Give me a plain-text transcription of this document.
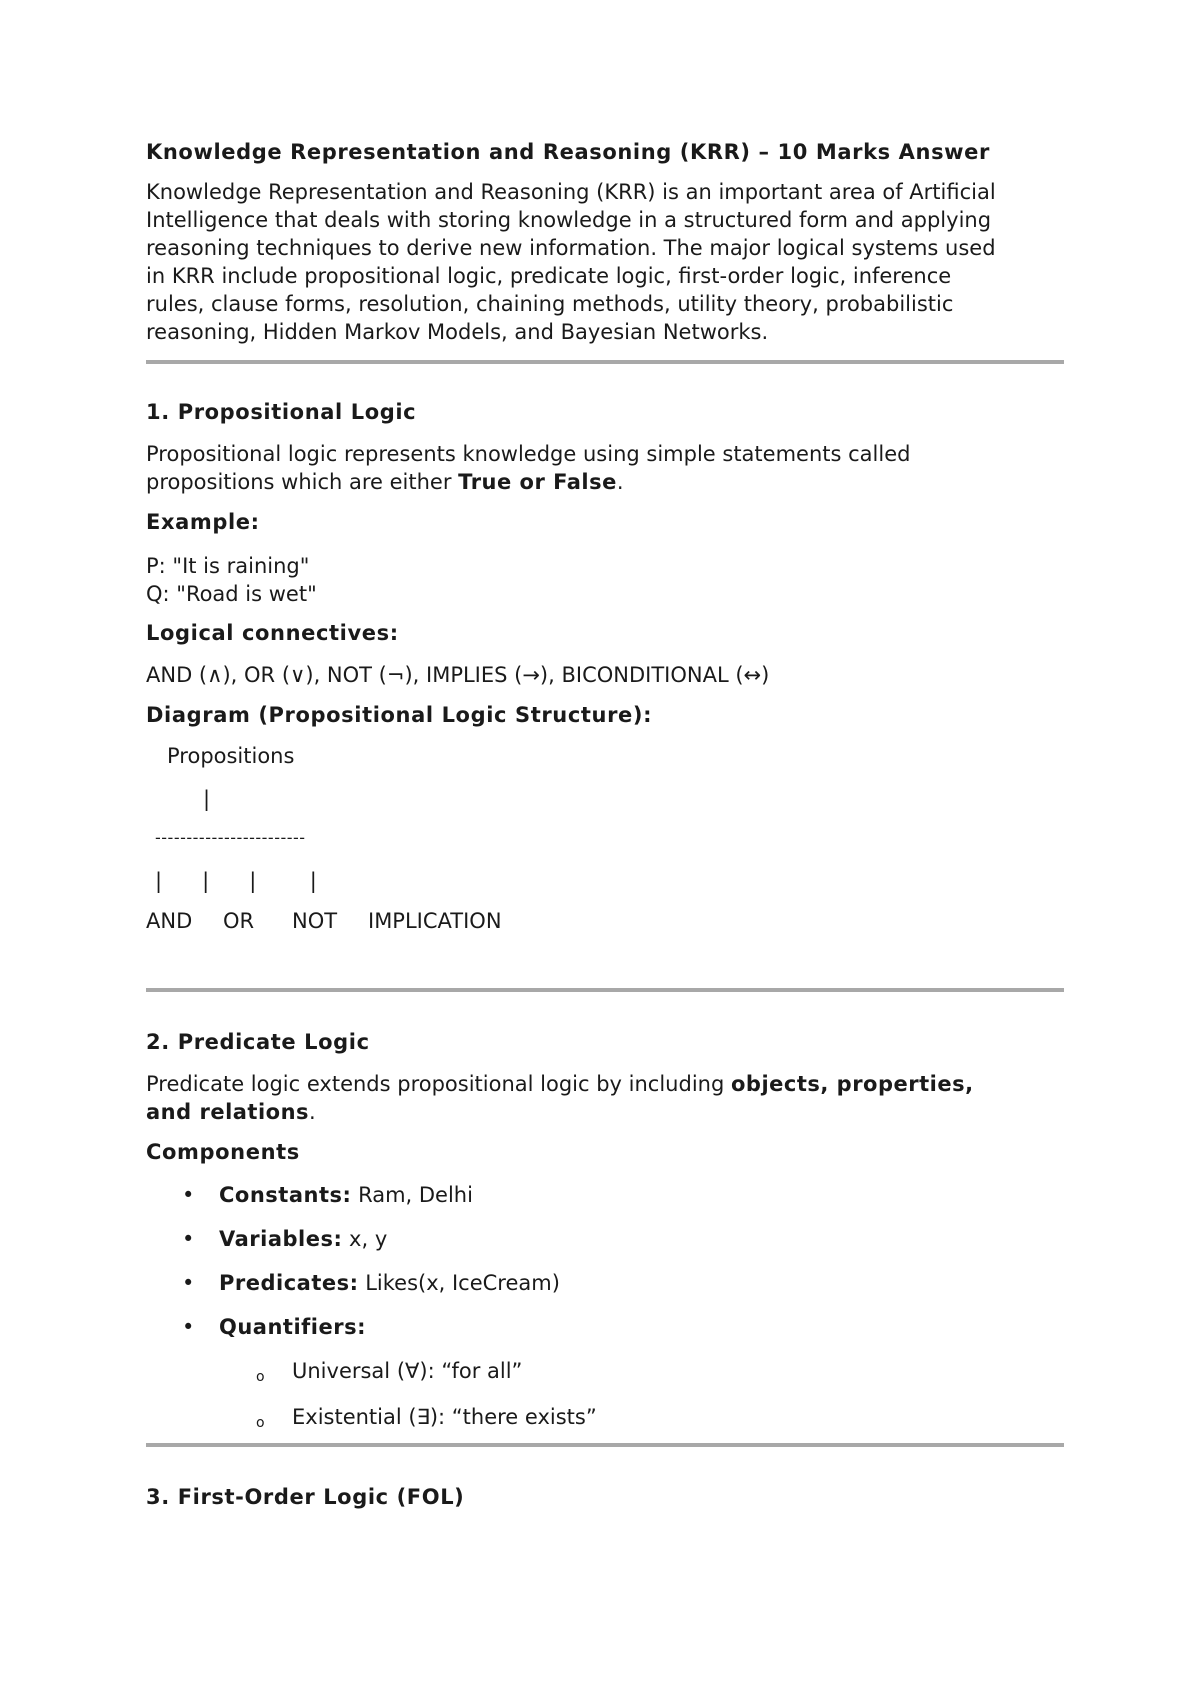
Knowledge Representation and Reasoning (KRR) – 10 Marks Answer
Knowledge Representation and Reasoning (KRR) is an important area of Artificial
Intelligence that deals with storing knowledge in a structured form and applying
reasoning techniques to derive new information. The major logical systems used
in KRR include propositional logic, predicate logic, first-order logic, inference
rules, clause forms, resolution, chaining methods, utility theory, probabilistic
reasoning, Hidden Markov Models, and Bayesian Networks.
1. Propositional Logic
Propositional logic represents knowledge using simple statements called
propositions which are either True or False.
Example:
P: "It is raining"
Q: "Road is wet"
Logical connectives:
AND (∧), OR (∨), NOT (¬), IMPLIES (→), BICONDITIONAL (↔)
Diagram (Propositional Logic Structure):
Propositions
|
------------------------
|      |      |        |
AND OR NOT IMPLICATION
2. Predicate Logic
Predicate logic extends propositional logic by including objects, properties,
and relations.
Components
• Constants: Ram, Delhi
• Variables: x, y
• Predicates: Likes(x, IceCream)
• Quantifiers:
o Universal (∀): “for all”
o Existential (∃): “there exists”
3. First-Order Logic (FOL)
